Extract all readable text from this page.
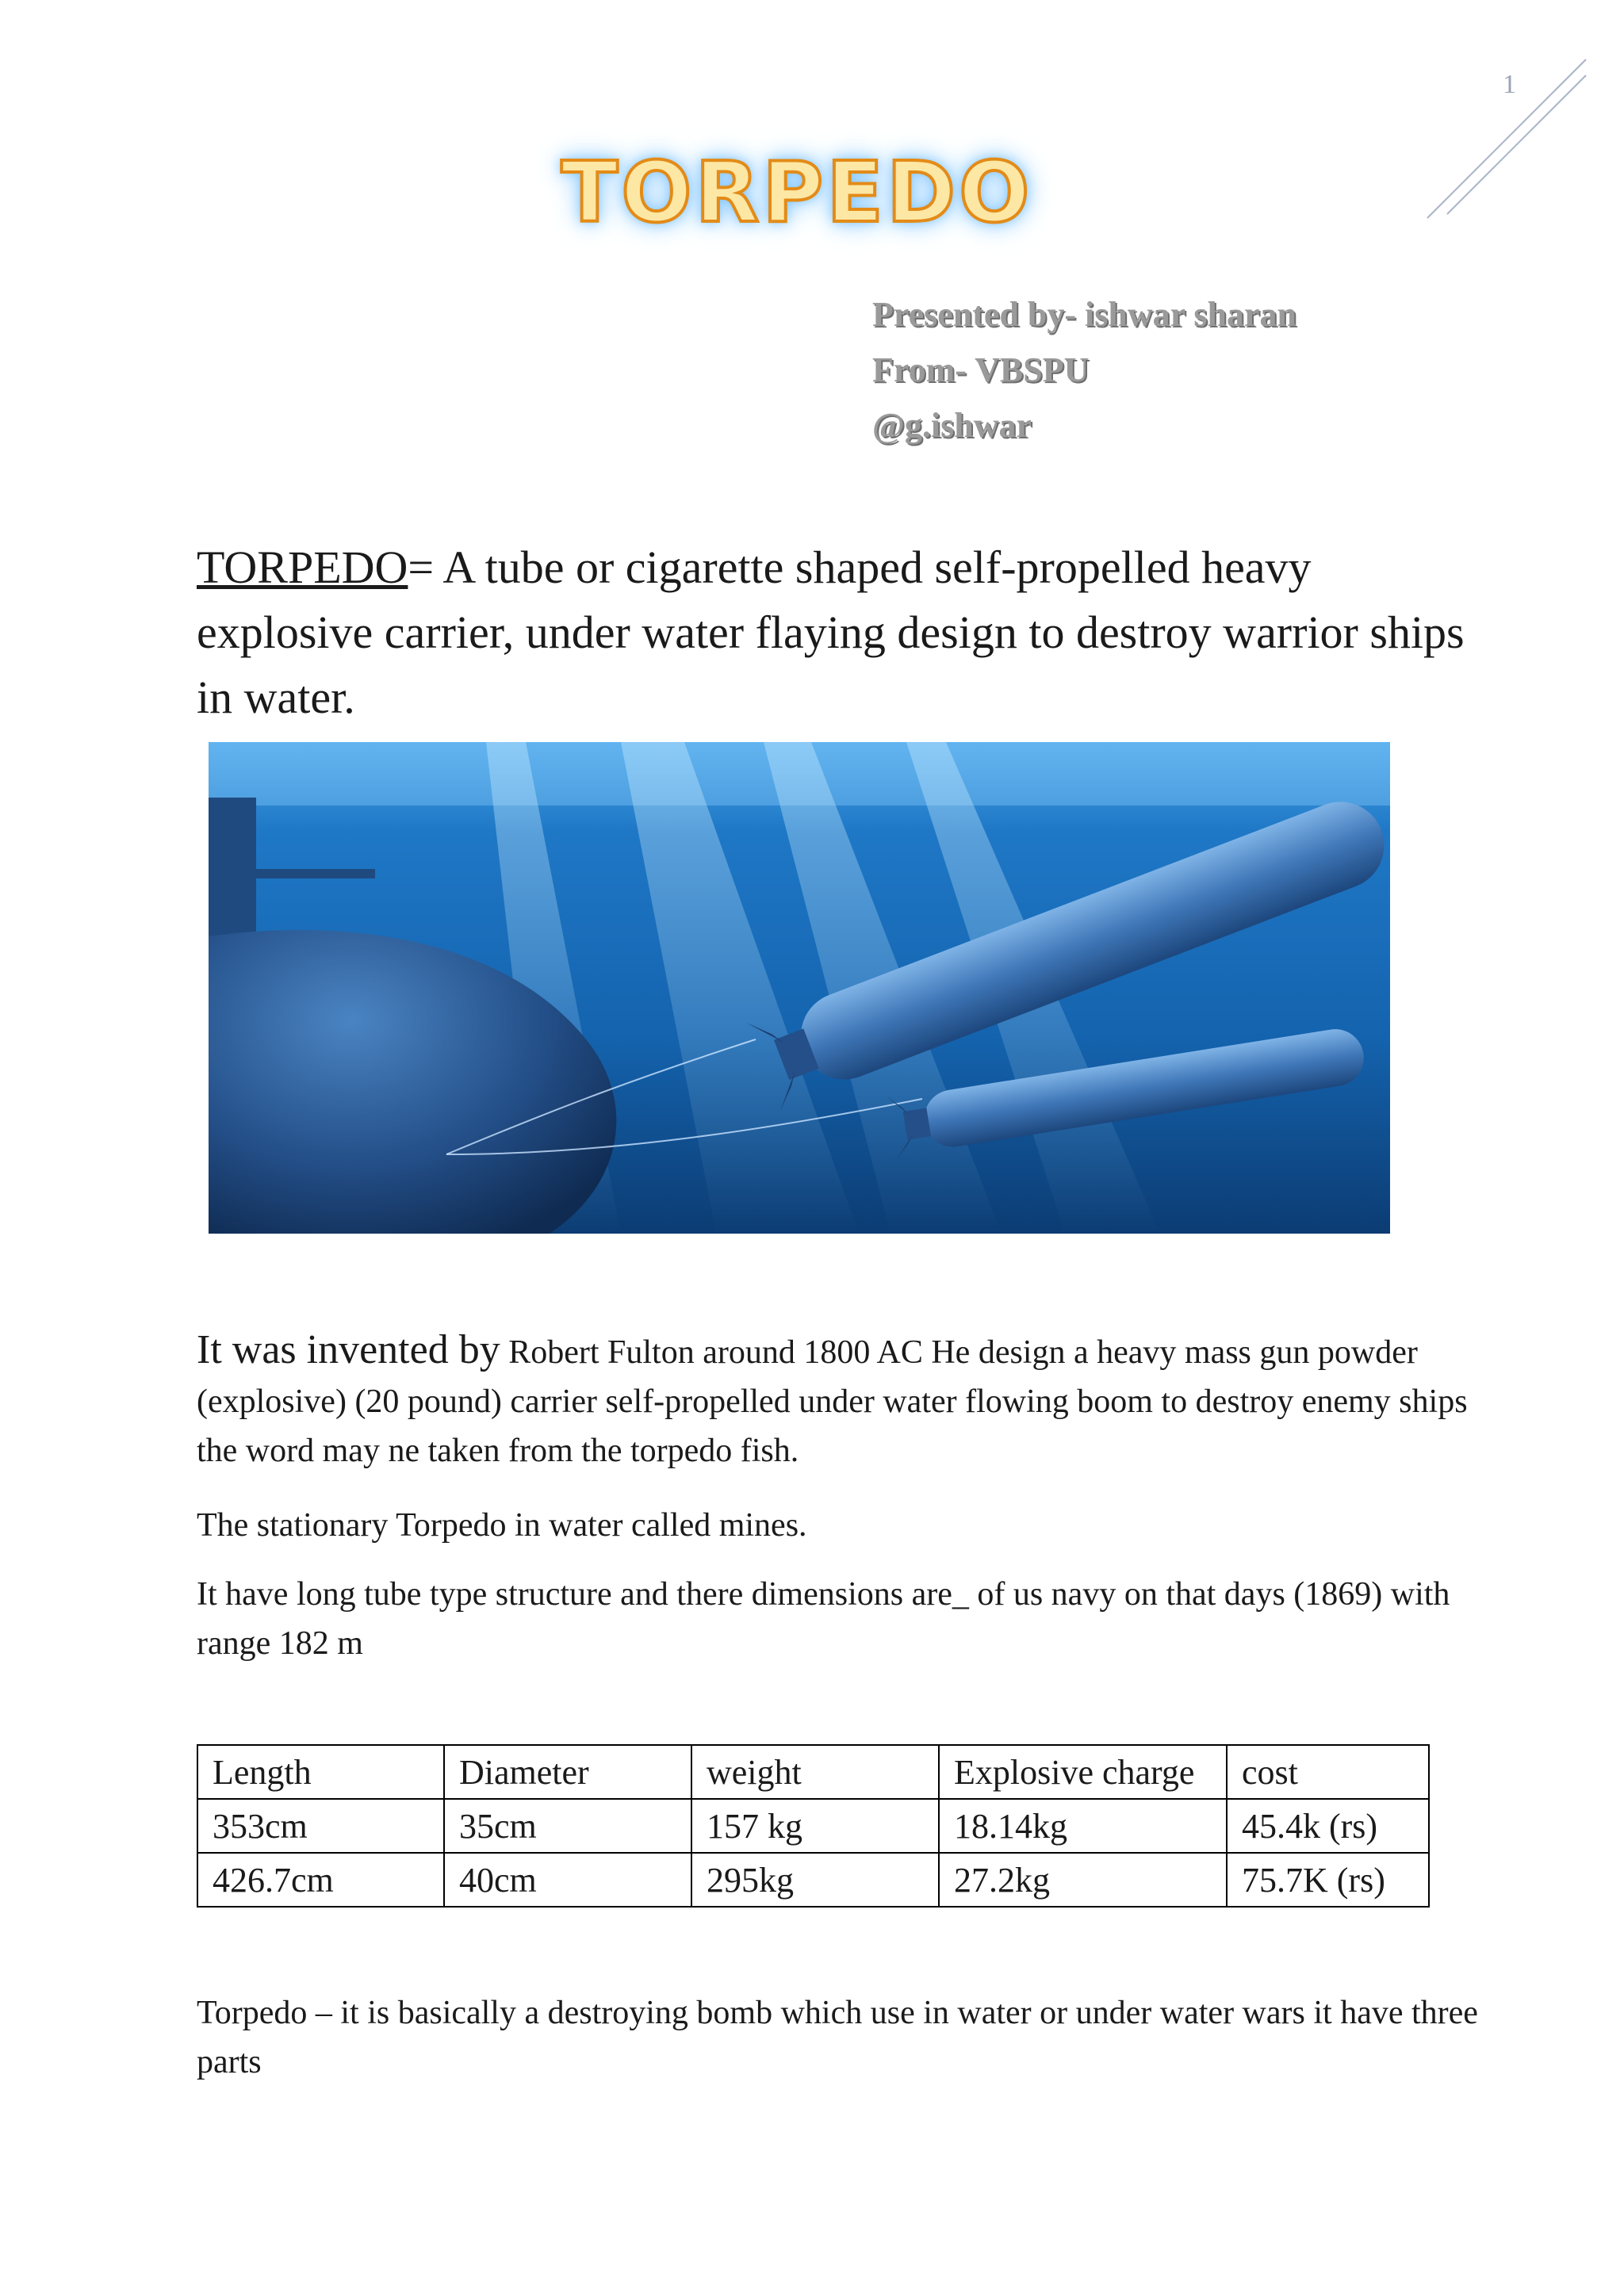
1
TORPEDO
Presented by- ishwar sharan
From- VBSPU
@g.ishwar
TORPEDO= A tube or cigarette shaped self-propelled heavy explosive carrier, under water flaying design to destroy warrior ships in water.
It was invented by Robert Fulton around 1800 AC He design a heavy mass gun powder (explosive) (20 pound) carrier self-propelled under water flowing boom to destroy enemy ships the word may ne taken from the torpedo fish.
The stationary Torpedo in water called mines.
It have long tube type structure and there dimensions are_ of us navy on that days (1869) with range 182 m
Length	Diameter	weight	Explosive charge	cost
353cm	35cm	157 kg	18.14kg	45.4k (rs)
426.7cm	40cm	295kg	27.2kg	75.7K (rs)
Torpedo – it is basically a destroying bomb which use in water or under water wars it have three parts
